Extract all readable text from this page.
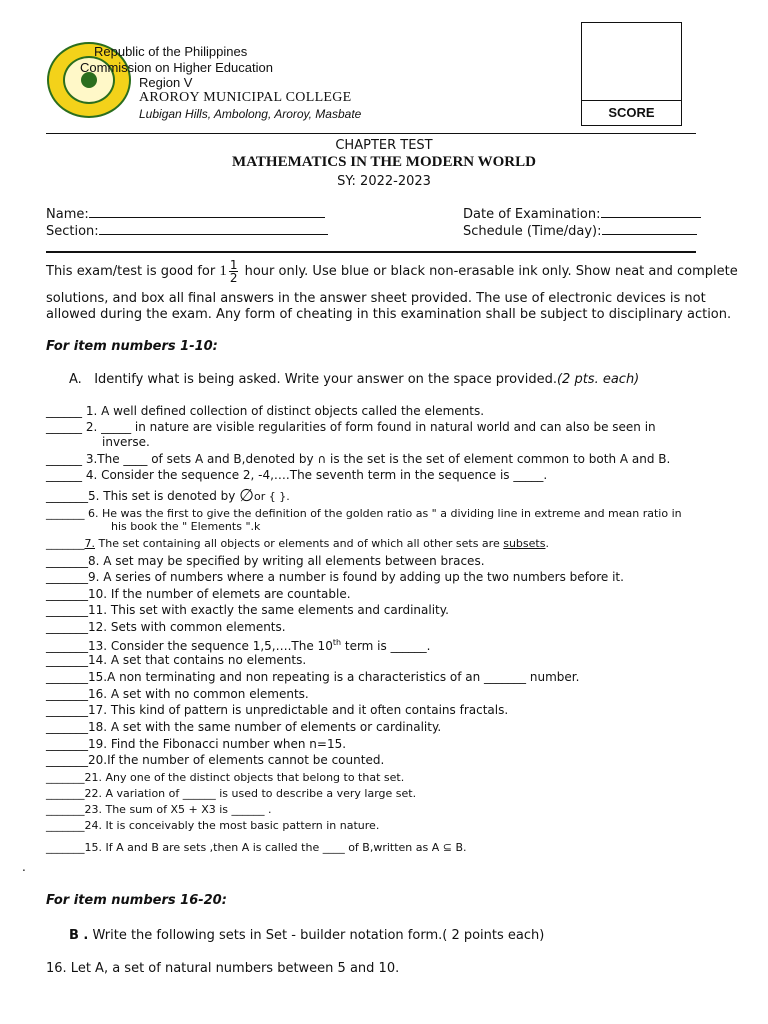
Republic of the Philippines
Commission on Higher Education
Region V
AROROY MUNICIPAL COLLEGE
Lubigan Hills, Ambolong, Aroroy, Masbate	SCORE
CHAPTER TEST
MATHEMATICS IN THE MODERN WORLD
SY: 2022-2023
Name:
Section:
Date of Examination:
Schedule (Time/day):
This exam/test is good for $1 \frac{1}{2}$ hour only. Use blue or black non-erasable ink only. Show neat and complete
solutions, and box all final answers in the answer sheet provided. The use of electronic devices is not
allowed during the exam. Any form of cheating in this examination shall be subject to disciplinary action.
For item numbers 1-10:
A. Identify what is being asked. Write your answer on the space provided.(2 pts. each)
______ 1. A well defined collection of distinct objects called the elements.
______ 2. _____ in nature are visible regularities of form found in natural world and can also be seen in
inverse.
______ 3.The ____ of sets A and B,denoted by ∩ is the set is the set of element common to both A and B.
______ 4. Consider the sequence 2, -4,….The seventh term in the sequence is _____.
_______5. This set is denoted by ∅or { }.
_______ 6. He was the first to give the definition of the golden ratio as " a dividing line in extreme and mean ratio in
his book the " Elements ".k
_______7. The set containing all objects or elements and of which all other sets are subsets.
_______8. A set may be specified by writing all elements between braces.
_______9. A series of numbers where a number is found by adding up the two numbers before it.
_______10. If the number of elemets are countable.
_______11. This set with exactly the same elements and cardinality.
_______12. Sets with common elements.
_______13. Consider the sequence 1,5,….The 10th term is ______.
_______14. A set that contains no elements.
_______15.A non terminating and non repeating is a characteristics of an _______ number.
_______16. A set with no common elements.
_______17. This kind of pattern is unpredictable and it often contains fractals.
_______18. A set with the same number of elements or cardinality.
_______19. Find the Fibonacci number when n=15.
_______20.If the number of elements cannot be counted.
_______21. Any one of the distinct objects that belong to that set.
_______22. A variation of ______ is used to describe a very large set.
_______23. The sum of X5 + X3 is ______ .
_______24. It is conceivably the most basic pattern in nature.
_______15. If A and B are sets ,then A is called the ____ of B,written as A ⊆ B.
.
For item numbers 16-20:
B . Write the following sets in Set - builder notation form.( 2 points each)
16. Let A, a set of natural numbers between 5 and 10.
